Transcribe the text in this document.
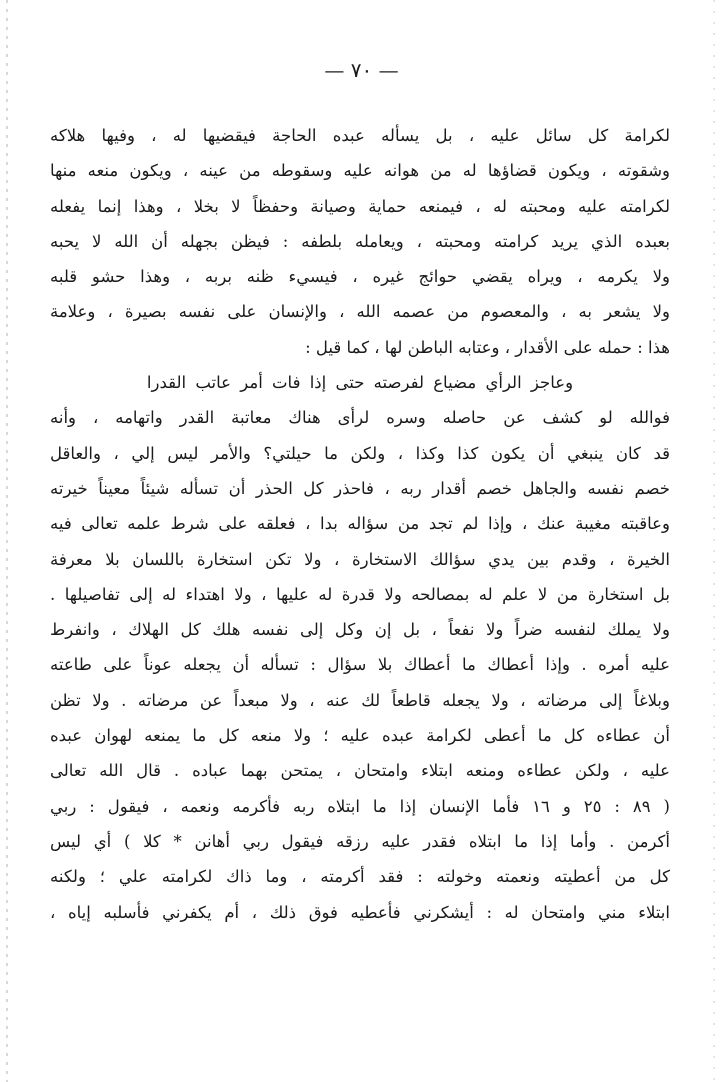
— ٧٠ —
لكرامة كل سائل عليه ، بل يسأله عبده الحاجة فيقضيها له ، وفيها هلاكه
وشقوته ، ويكون قضاؤها له من هوانه عليه وسقوطه من عينه ، ويكون منعه منها
لكرامته عليه ومحبته له ، فيمنعه حماية وصيانة وحفظاً لا بخلا ، وهذا إنما يفعله
بعبده الذي يريد كرامته ومحبته ، ويعامله بلطفه : فيظن بجهله أن الله لا يحبه
ولا يكرمه ، ويراه يقضي حوائج غيره ، فيسيء ظنه بربه ، وهذا حشو قلبه
ولا يشعر به ، والمعصوم من عصمه الله ، والإنسان على نفسه بصيرة ، وعلامة
هذا : حمله على الأقدار ، وعتابه الباطن لها ، كما قيل :
وعاجز الرأي مضياع لفرصته حتى إذا فات أمر عاتب القدرا
فوالله لو كشف عن حاصله وسره لرأى هناك معاتبة القدر واتهامه ، وأنه
قد كان ينبغي أن يكون كذا وكذا ، ولكن ما حيلتي؟ والأمر ليس إلي ، والعاقل
خصم نفسه والجاهل خصم أقدار ربه ، فاحذر كل الحذر أن تسأله شيئاً معيناً خيرته
وعاقبته مغيبة عنك ، وإذا لم تجد من سؤاله بدا ، فعلقه على شرط علمه تعالى فيه
الخيرة ، وقدم بين يدي سؤالك الاستخارة ، ولا تكن استخارة باللسان بلا معرفة
بل استخارة من لا علم له بمصالحه ولا قدرة له عليها ، ولا اهتداء له إلى تفاصيلها .
ولا يملك لنفسه ضراً ولا نفعاً ، بل إن وكل إلى نفسه هلك كل الهلاك ، وانفرط
عليه أمره . وإذا أعطاك ما أعطاك بلا سؤال : تسأله أن يجعله عوناً على طاعته
وبلاغاً إلى مرضاته ، ولا يجعله قاطعاً لك عنه ، ولا مبعداً عن مرضاته . ولا تظن
أن عطاءه كل ما أعطى لكرامة عبده عليه ؛ ولا منعه كل ما يمنعه لهوان عبده
عليه ، ولكن عطاءه ومنعه ابتلاء وامتحان ، يمتحن بهما عباده . قال الله تعالى
( ٨٩ : ٢٥ و ١٦ فأما الإنسان إذا ما ابتلاه ربه فأكرمه ونعمه ، فيقول : ربي
أكرمن . وأما إذا ما ابتلاه فقدر عليه رزقه فيقول ربي أهانن * كلا ) أي ليس
كل من أعطيته ونعمته وخولته : فقد أكرمته ، وما ذاك لكرامته علي ؛ ولكنه
ابتلاء مني وامتحان له : أيشكرني فأعطيه فوق ذلك ، أم يكفرني فأسلبه إياه ،
